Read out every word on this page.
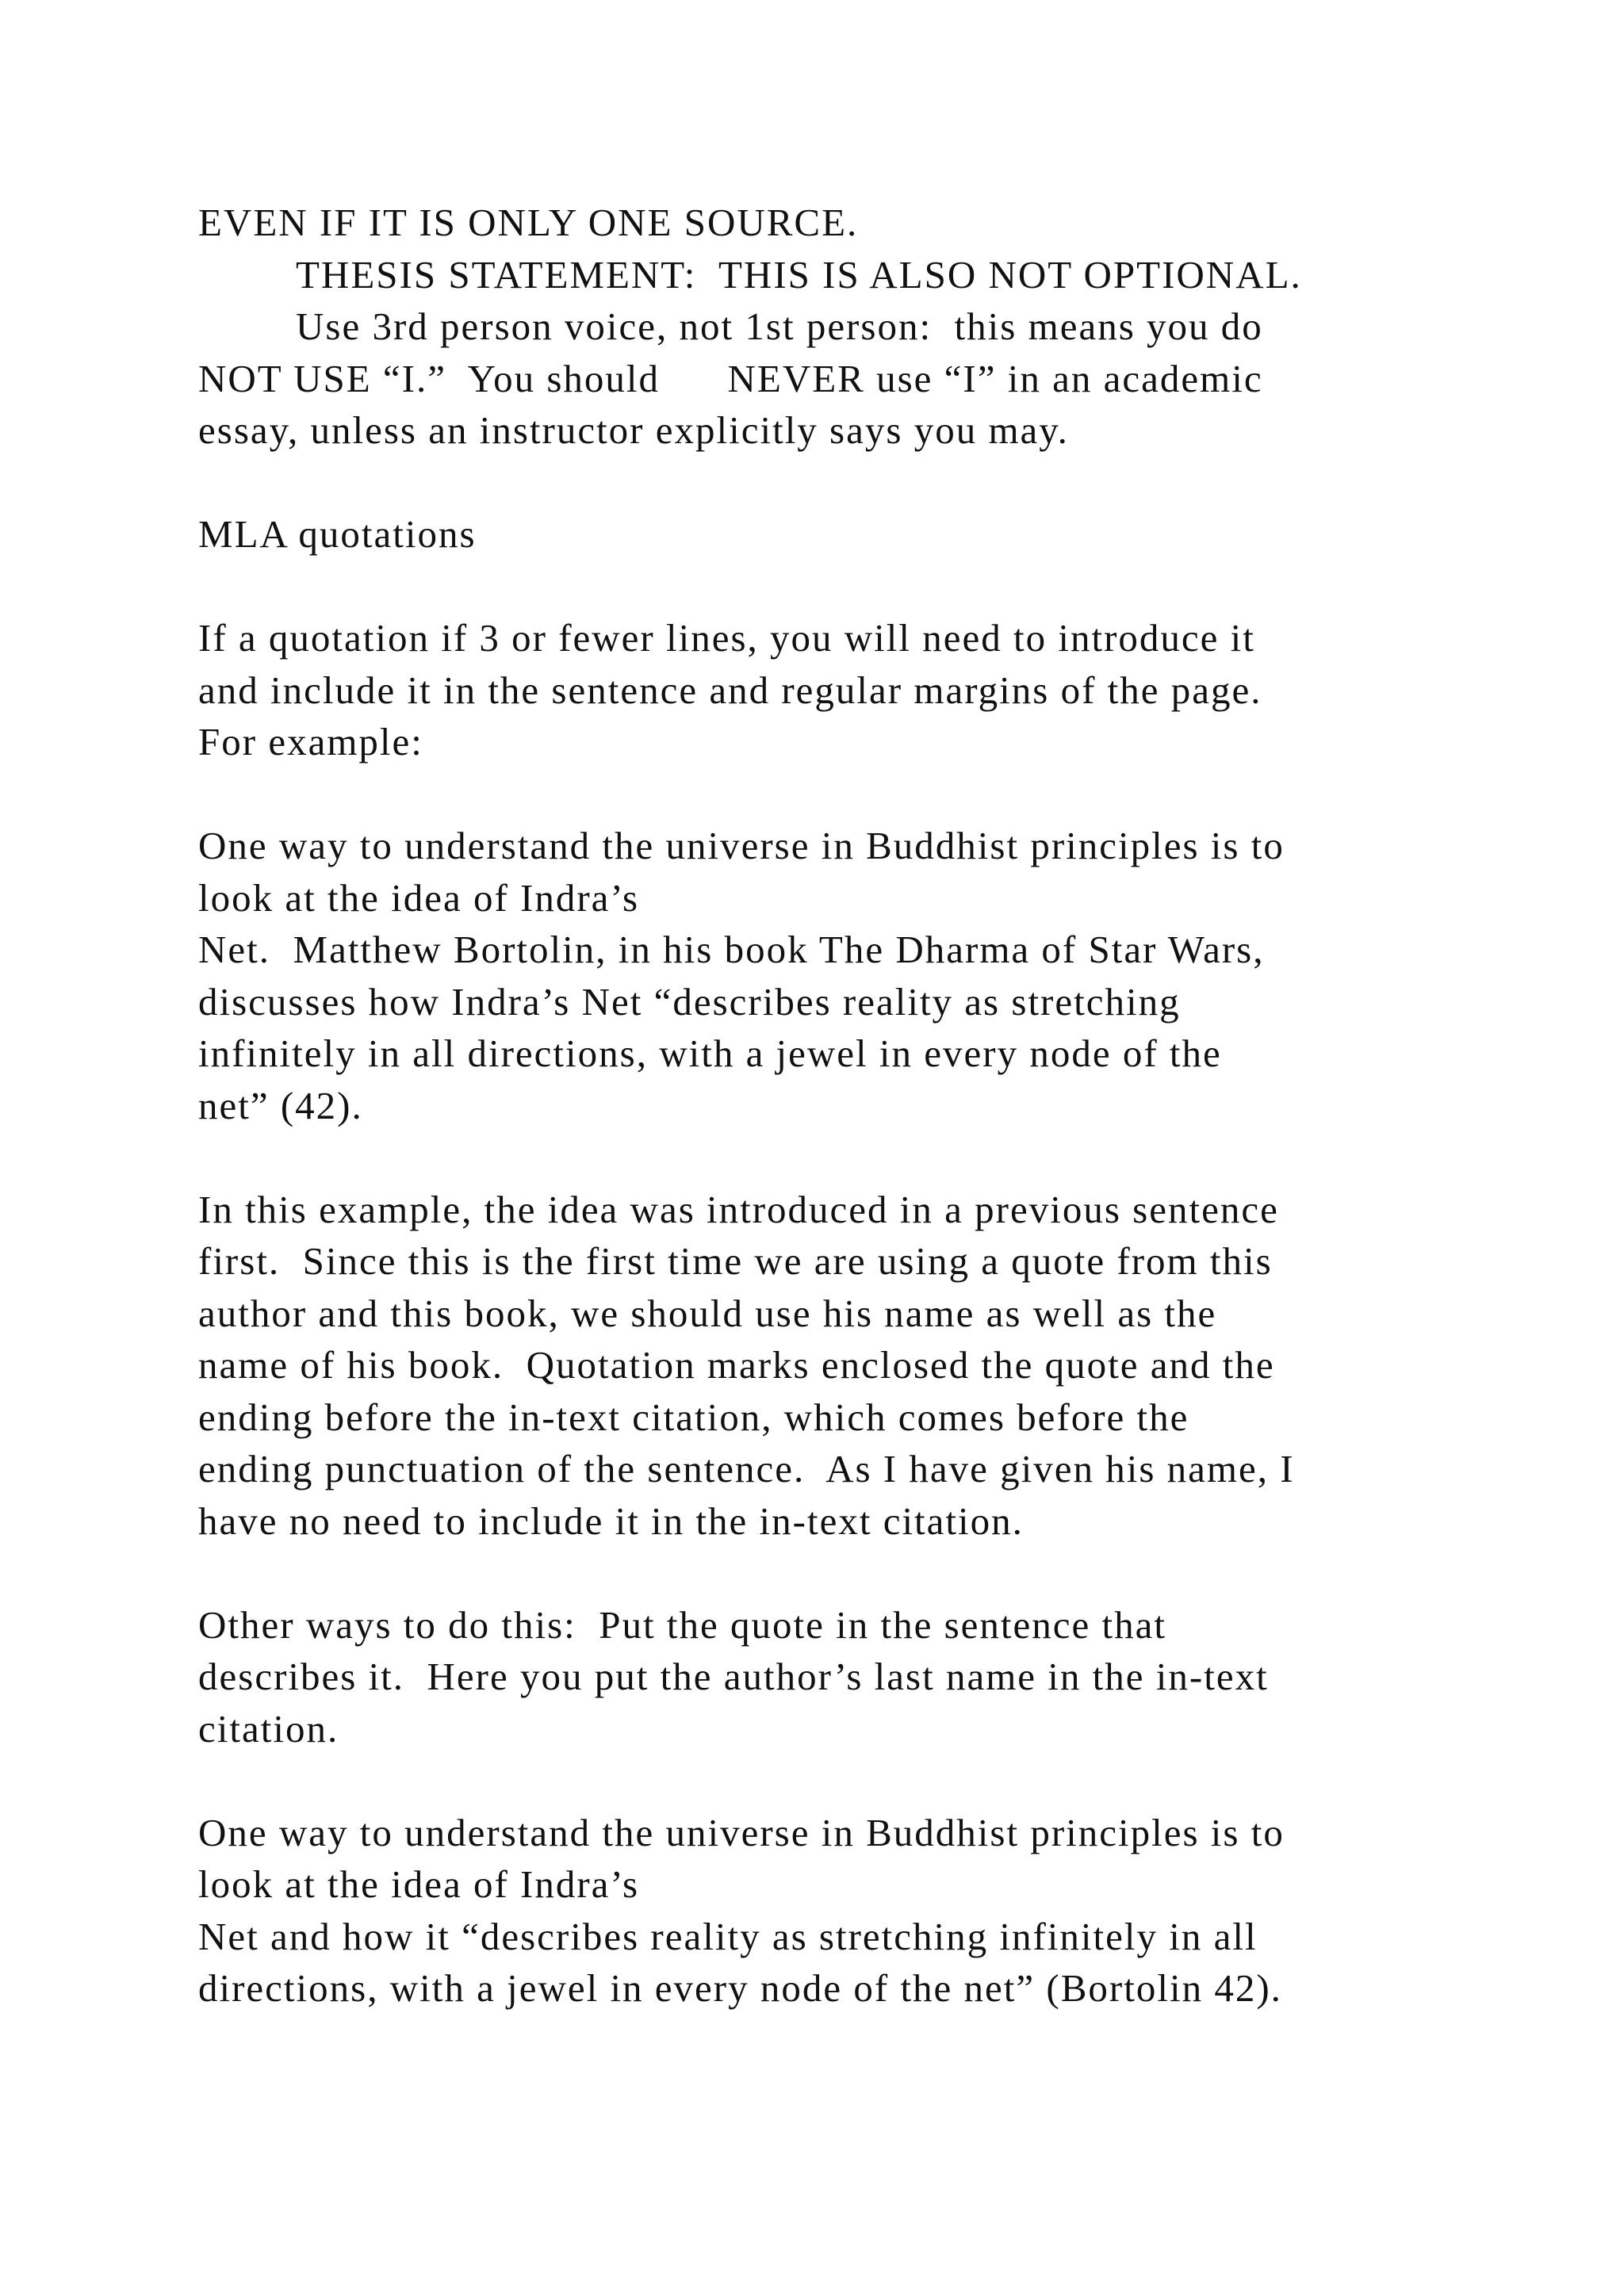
EVEN IF IT IS ONLY ONE SOURCE.
THESIS STATEMENT:  THIS IS ALSO NOT OPTIONAL.
Use 3rd person voice, not 1st person:  this means you do
NOT USE “I.”  You should      NEVER use “I” in an academic
essay, unless an instructor explicitly says you may.
MLA quotations
If a quotation if 3 or fewer lines, you will need to introduce it
and include it in the sentence and regular margins of the page.
For example:
One way to understand the universe in Buddhist principles is to
look at the idea of Indra’s
Net.  Matthew Bortolin, in his book The Dharma of Star Wars,
discusses how Indra’s Net “describes reality as stretching
infinitely in all directions, with a jewel in every node of the
net” (42).
In this example, the idea was introduced in a previous sentence
first.  Since this is the first time we are using a quote from this
author and this book, we should use his name as well as the
name of his book.  Quotation marks enclosed the quote and the
ending before the in-text citation, which comes before the
ending punctuation of the sentence.  As I have given his name, I
have no need to include it in the in-text citation.
Other ways to do this:  Put the quote in the sentence that
describes it.  Here you put the author’s last name in the in-text
citation.
One way to understand the universe in Buddhist principles is to
look at the idea of Indra’s
Net and how it “describes reality as stretching infinitely in all
directions, with a jewel in every node of the net” (Bortolin 42).
